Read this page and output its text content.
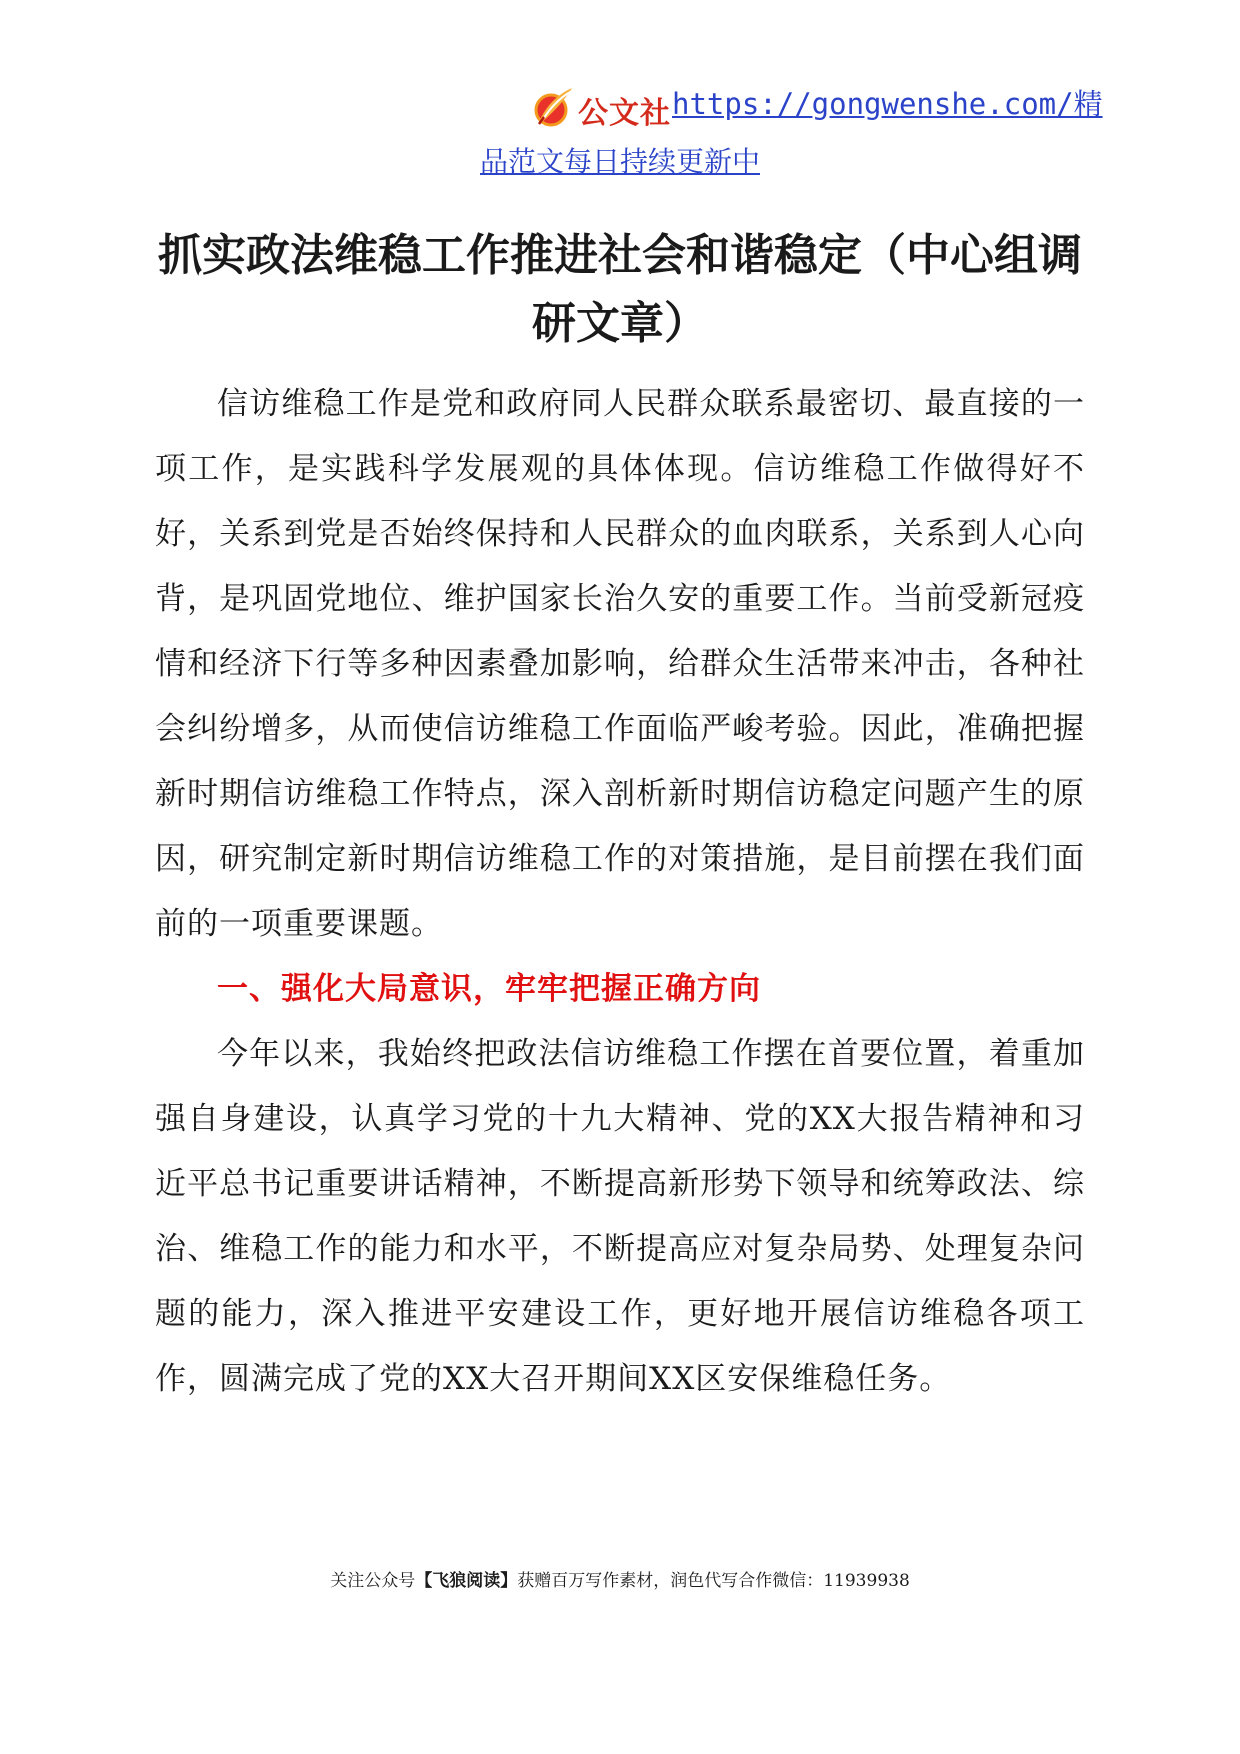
公文社 https://gongwenshe.com/精
品范文每日持续更新中
抓实政法维稳工作推进社会和谐稳定（中心组调研文章）

信访维稳工作是党和政府同人民群众联系最密切、最直接的一项工作，是实践科学发展观的具体体现。信访维稳工作做得好不好，关系到党是否始终保持和人民群众的血肉联系，关系到人心向背，是巩固党地位、维护国家长治久安的重要工作。当前受新冠疫情和经济下行等多种因素叠加影响，给群众生活带来冲击，各种社会纠纷增多，从而使信访维稳工作面临严峻考验。因此，准确把握新时期信访维稳工作特点，深入剖析新时期信访稳定问题产生的原因，研究制定新时期信访维稳工作的对策措施，是目前摆在我们面前的一项重要课题。

一、强化大局意识，牢牢把握正确方向

今年以来，我始终把政法信访维稳工作摆在首要位置，着重加强自身建设，认真学习党的十九大精神、党的XX大报告精神和习近平总书记重要讲话精神，不断提高新形势下领导和统筹政法、综治、维稳工作的能力和水平，不断提高应对复杂局势、处理复杂问题的能力，深入推进平安建设工作，更好地开展信访维稳各项工作，圆满完成了党的XX大召开期间XX区安保维稳任务。

关注公众号【飞狼阅读】获赠百万写作素材，润色代写合作微信：11939938
